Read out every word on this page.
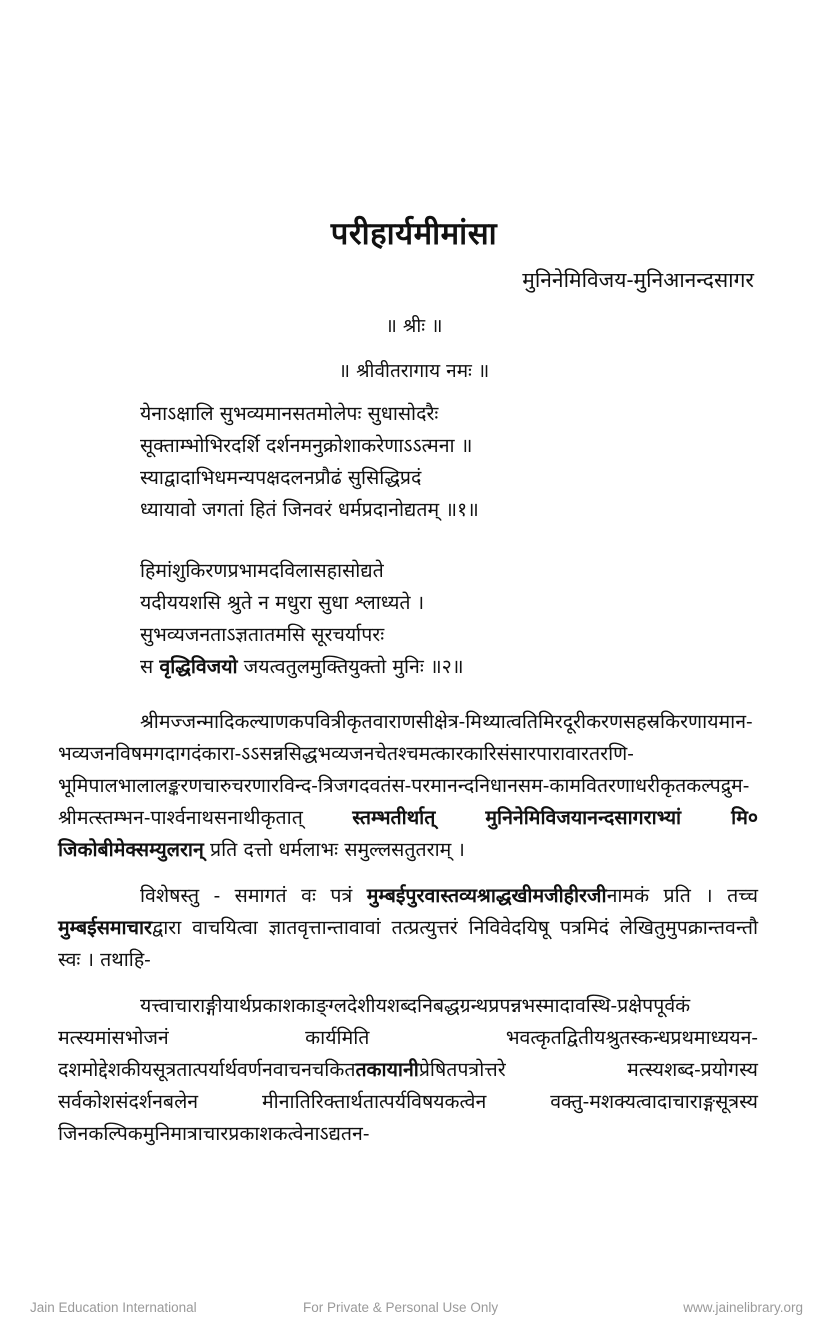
परीहार्यमीमांसा
मुनिनेमिविजय-मुनिआनन्दसागर
॥ श्रीः ॥
॥ श्रीवीतरागाय नमः ॥
येनाऽक्षालि सुभव्यमानसतमोलेपः सुधासोदरैः
सूक्ताम्भोभिरदर्शि दर्शनमनुक्रोशाकरेणाऽऽत्मना ॥
स्याद्वादाभिधमन्यपक्षदलनप्रौढं सुसिद्धिप्रदं
ध्यायावो जगतां हितं जिनवरं धर्मप्रदानोद्यतम् ॥१॥
हिमांशुकिरणप्रभामदविलासहासोद्यते
यदीययशसि श्रुते न मधुरा सुधा श्लाध्यते ।
सुभव्यजनताऽज्ञतातमसि सूरचर्यापरः
स वृद्धिविजयो जयत्वतुलमुक्तियुक्तो मुनिः ॥२॥

श्रीमज्जन्मादिकल्याणकपवित्रीकृतवाराणसीक्षेत्र-मिथ्यात्वतिमिरदूरीकरणसहस्रकिरणायमान-भव्यजनविषमगदागदंकारा-ऽऽसन्नसिद्धभव्यजनचेतश्चमत्कारकारिसंसारपारावारतरणि-भूमिपालभालालङ्करणचारुचरणारविन्द-त्रिजगदवतंस-परमानन्दनिधानसम-कामवितरणाधरीकृतकल्पद्रुम-श्रीमत्स्तम्भन-पार्श्वनाथसनाथीकृतात् स्तम्भतीर्थात् मुनिनेमिविजयानन्दसागराभ्यां मि० जिकोबीमेक्सम्युलरान् प्रति दत्तो धर्मलाभः समुल्लसतुतराम् ।

विशेषस्तु - समागतं वः पत्रं मुम्बईपुरवास्तव्यश्राद्धखीमजीहीरजीनामकं प्रति । तच्च मुम्बईसमाचारद्वारा वाचयित्वा ज्ञातवृत्तान्तावावां तत्प्रत्युत्तरं निविवेदयिषू पत्रमिदं लेखितुमुपक्रान्तवन्तौ स्वः । तथाहि-

यत्त्वाचाराङ्गीयार्थप्रकाशकाङ्ग्लदेशीयशब्दनिबद्धग्रन्थप्रपन्नभस्मादावस्थि-प्रक्षेपपूर्वकं मत्स्यमांसभोजनं कार्यमिति भवत्कृतद्वितीयश्रुतस्कन्धप्रथमाध्ययन-दशमोद्देशकीयसूत्रतात्पर्यार्थवर्णनवाचनचकिततकायानीप्रेषितपत्रोत्तरे मत्स्यशब्द-प्रयोगस्य सर्वकोशसंदर्शनबलेन मीनातिरिक्तार्थतात्पर्यविषयकत्वेन वक्तु-मशक्यत्वादाचाराङ्गसूत्रस्य जिनकल्पिकमुनिमात्राचारप्रकाशकत्वेनाऽद्यतन-

Jain Education International	For Private & Personal Use Only	www.jainelibrary.org
